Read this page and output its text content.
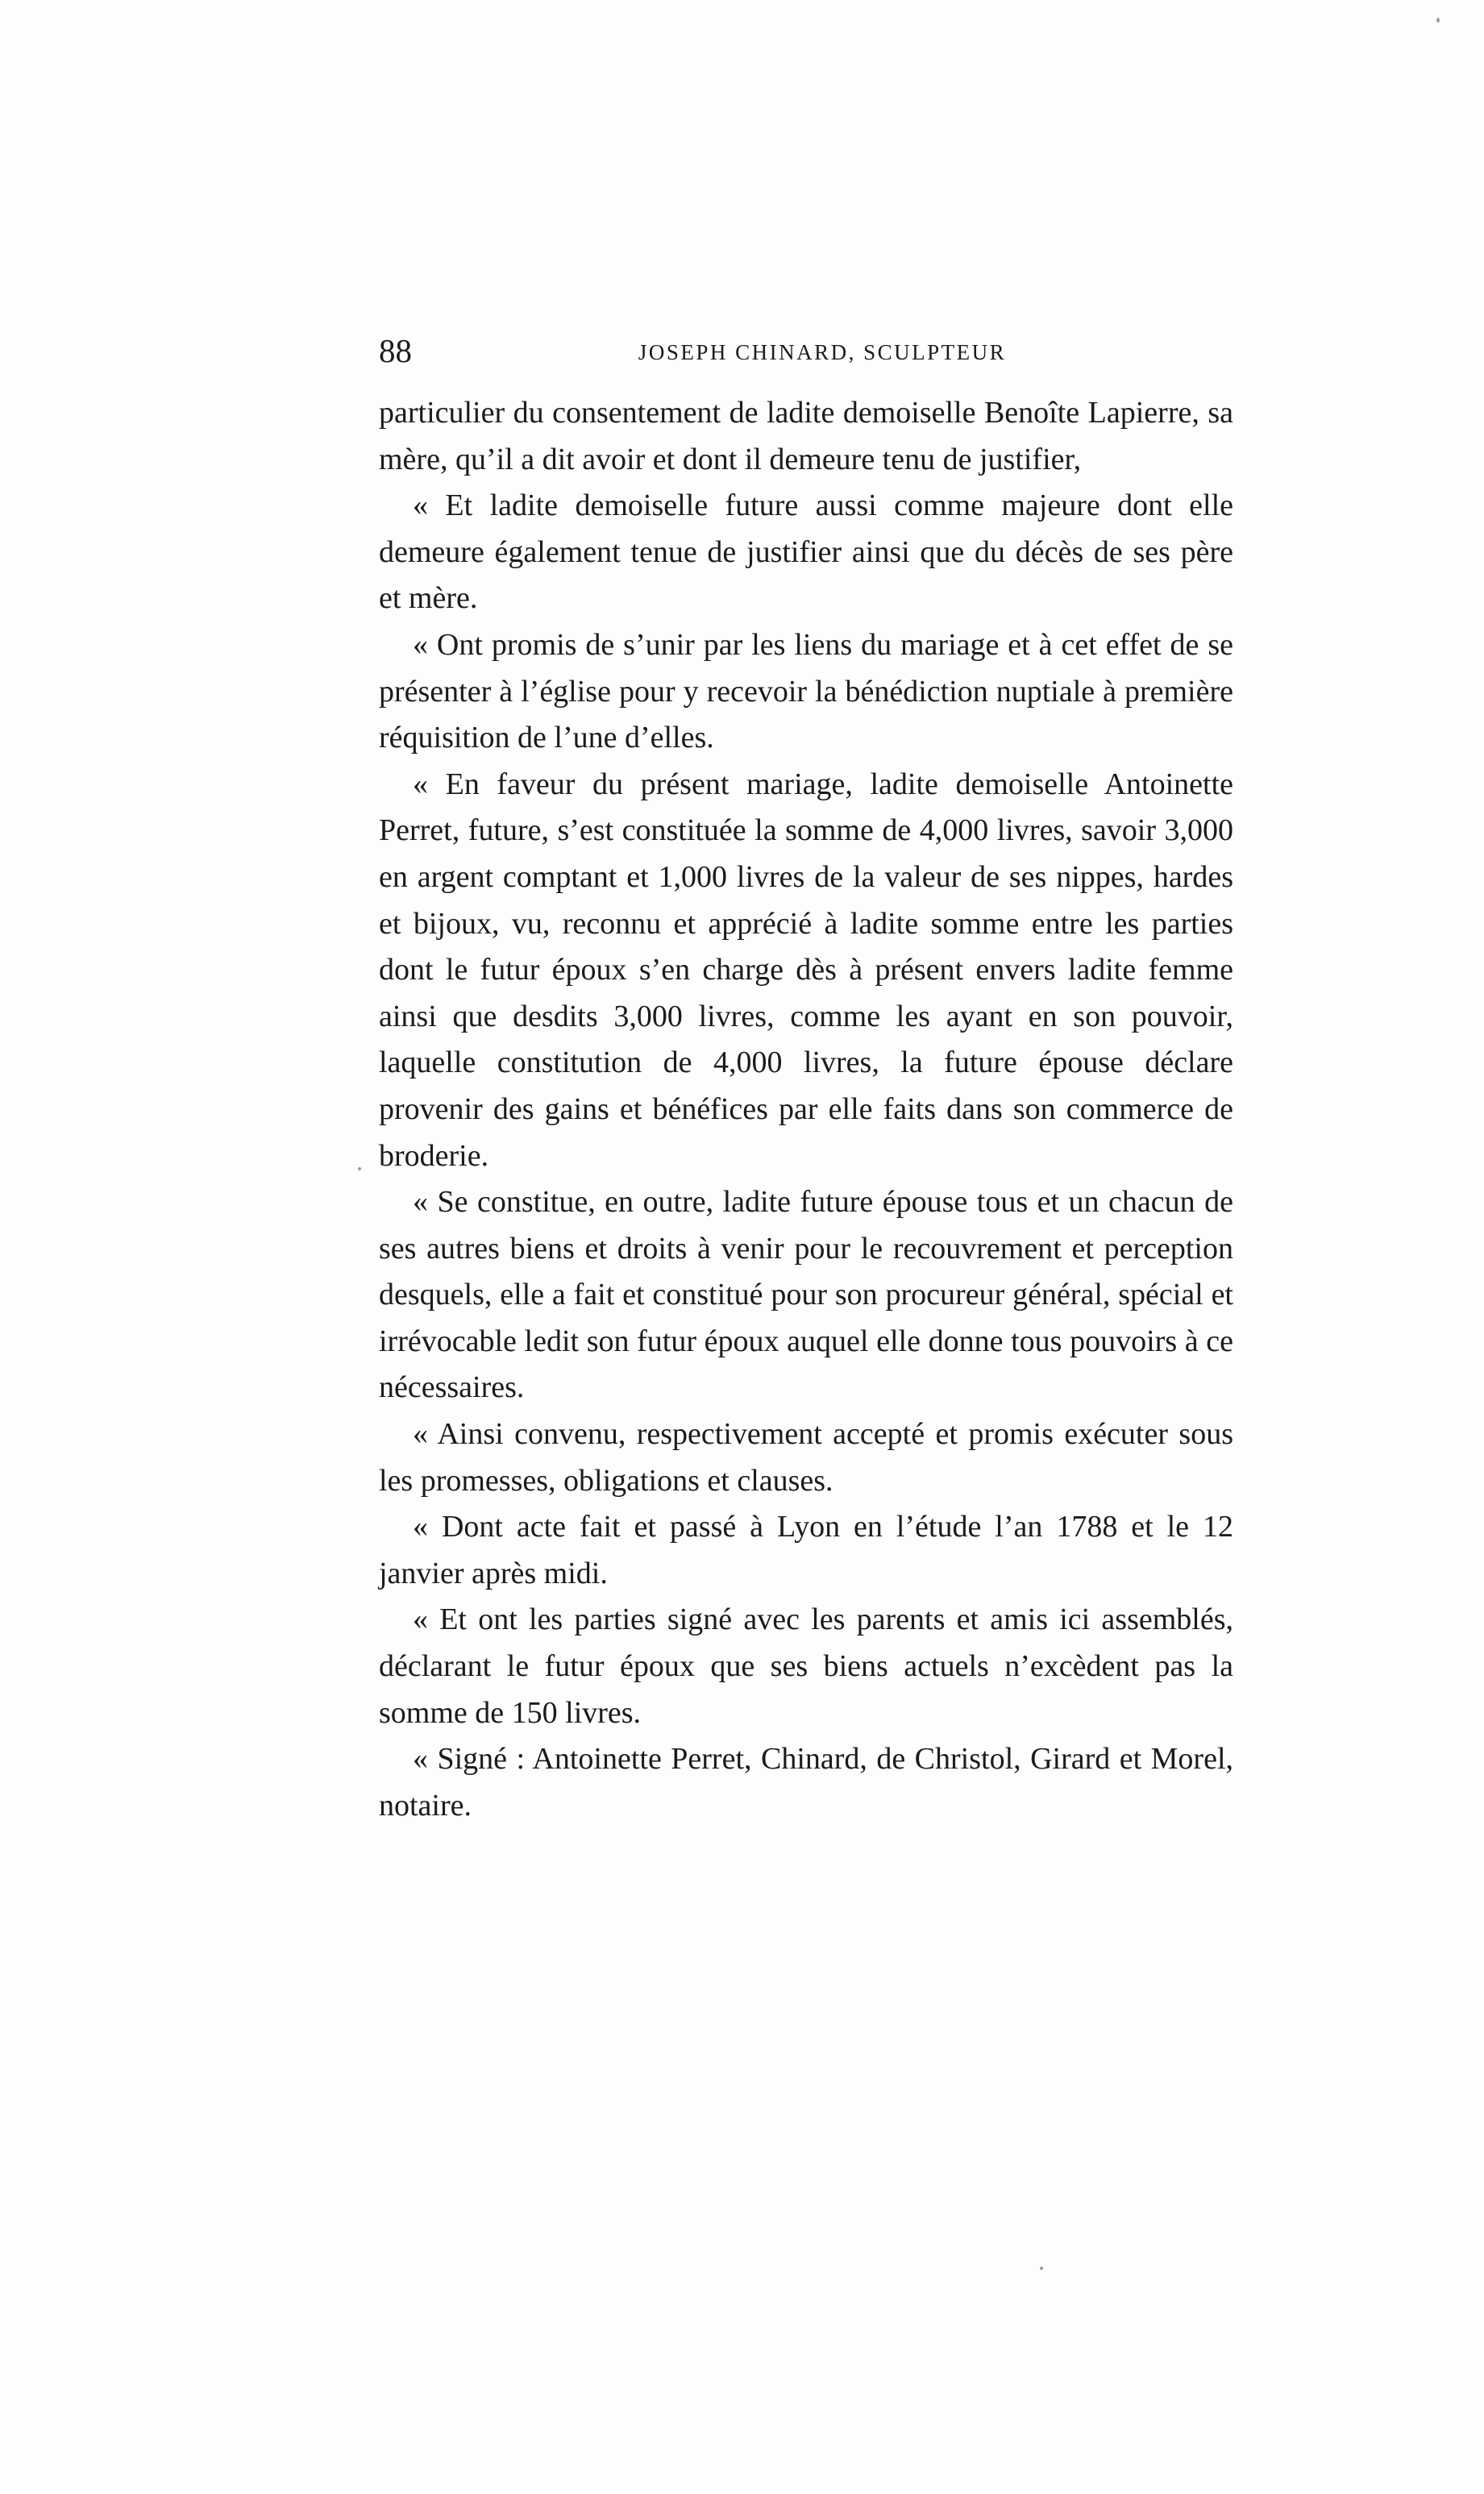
88	JOSEPH CHINARD, SCULPTEUR

particulier du consentement de ladite demoiselle Benoîte Lapierre, sa mère, qu’il a dit avoir et dont il demeure tenu de justifier,

« Et ladite demoiselle future aussi comme majeure dont elle demeure également tenue de justifier ainsi que du décès de ses père et mère.

« Ont promis de s’unir par les liens du mariage et à cet effet de se présenter à l’église pour y recevoir la bénédiction nuptiale à première réquisition de l’une d’elles.

« En faveur du présent mariage, ladite demoiselle Antoinette Perret, future, s’est constituée la somme de 4,000 livres, savoir 3,000 en argent comptant et 1,000 livres de la valeur de ses nippes, hardes et bijoux, vu, reconnu et apprécié à ladite somme entre les parties dont le futur époux s’en charge dès à présent envers ladite femme ainsi que desdits 3,000 livres, comme les ayant en son pouvoir, laquelle constitution de 4,000 livres, la future épouse déclare provenir des gains et bénéfices par elle faits dans son commerce de broderie.

« Se constitue, en outre, ladite future épouse tous et un chacun de ses autres biens et droits à venir pour le recouvrement et perception desquels, elle a fait et constitué pour son procureur général, spécial et irrévocable ledit son futur époux auquel elle donne tous pouvoirs à ce nécessaires.

« Ainsi convenu, respectivement accepté et promis exécuter sous les promesses, obligations et clauses.

« Dont acte fait et passé à Lyon en l’étude l’an 1788 et le 12 janvier après midi.

« Et ont les parties signé avec les parents et amis ici assemblés, déclarant le futur époux que ses biens actuels n’excèdent pas la somme de 150 livres.

« Signé : Antoinette Perret, Chinard, de Christol, Girard et Morel, notaire.
